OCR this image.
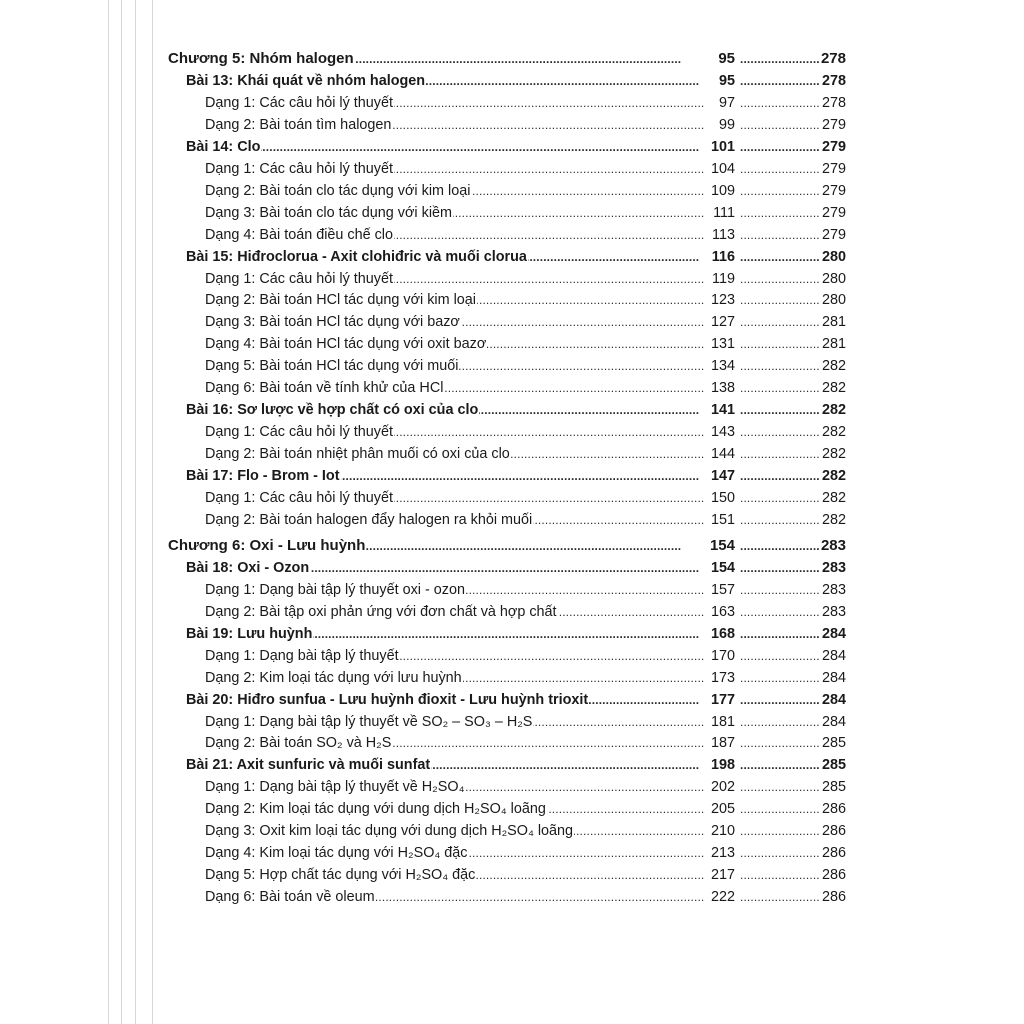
Chương 5: Nhóm halogen . . .	95 . . .	278
Bài 13: Khái quát về nhóm halogen . . .	95 . . .	278
Dạng 1: Các câu hỏi lý thuyết . . .	97 . . .	278
Dạng 2: Bài toán tìm halogen . . .	99 . . .	279
Bài 14: Clo . . .	101 . . .	279
Dạng 1: Các câu hỏi lý thuyết . . .	104 . . .	279
Dạng 2: Bài toán clo tác dụng với kim loại . . .	109 . . .	279
Dạng 3: Bài toán clo tác dụng với kiềm . . .	111 . . .	279
Dạng 4: Bài toán điều chế clo . . .	113 . . .	279
Bài 15: Hiđroclorua - Axit clohiđric và muối clorua . . .	116 . . .	280
Dạng 1: Các câu hỏi lý thuyết . . .	119 . . .	280
Dạng 2: Bài toán HCl tác dụng với kim loại . . .	123 . . .	280
Dạng 3: Bài toán HCl tác dụng với bazơ . . .	127 . . .	281
Dạng 4: Bài toán HCl tác dụng với oxit bazơ . . .	131 . . .	281
Dạng 5: Bài toán HCl tác dụng với muối . . .	134 . . .	282
Dạng 6: Bài toán về tính khử của HCl . . .	138 . . .	282
Bài 16: Sơ lược về hợp chất có oxi của clo . . .	141 . . .	282
Dạng 1: Các câu hỏi lý thuyết . . .	143 . . .	282
Dạng 2: Bài toán nhiệt phân muối có oxi của clo . . .	144 . . .	282
Bài 17: Flo - Brom - Iot . . .	147 . . .	282
Dạng 1: Các câu hỏi lý thuyết . . .	150 . . .	282
Dạng 2: Bài toán halogen đẩy halogen ra khỏi muối . . .	151 . . .	282
Chương 6: Oxi - Lưu huỳnh . . .	154 . . .	283
Bài 18: Oxi - Ozon . . .	154 . . .	283
Dạng 1: Dạng bài tập lý thuyết oxi - ozon . . .	157 . . .	283
Dạng 2: Bài tập oxi phản ứng với đơn chất và hợp chất . . .	163 . . .	283
Bài 19: Lưu huỳnh . . .	168 . . .	284
Dạng 1: Dạng bài tập lý thuyết . . .	170 . . .	284
Dạng 2: Kim loại tác dụng với lưu huỳnh . . .	173 . . .	284
Bài 20: Hiđro sunfua - Lưu huỳnh đioxit - Lưu huỳnh trioxit . . .	177 . . .	284
Dạng 1: Dạng bài tập lý thuyết về SO₂ – SO₃ – H₂S . . .	181 . . .	284
Dạng 2: Bài toán SO₂ và H₂S . . .	187 . . .	285
Bài 21: Axit sunfuric và muối sunfat . . .	198 . . .	285
Dạng 1: Dạng bài tập lý thuyết về H₂SO₄ . . .	202 . . .	285
Dạng 2: Kim loại tác dụng với dung dịch H₂SO₄ loãng . . .	205 . . .	286
Dạng 3: Oxit kim loại tác dụng với dung dịch H₂SO₄ loãng . . .	210 . . .	286
Dạng 4: Kim loại tác dụng với H₂SO₄ đặc . . .	213 . . .	286
Dạng 5: Hợp chất tác dụng với H₂SO₄ đặc . . .	217 . . .	286
Dạng 6: Bài toán về oleum . . .	222 . . .	286
